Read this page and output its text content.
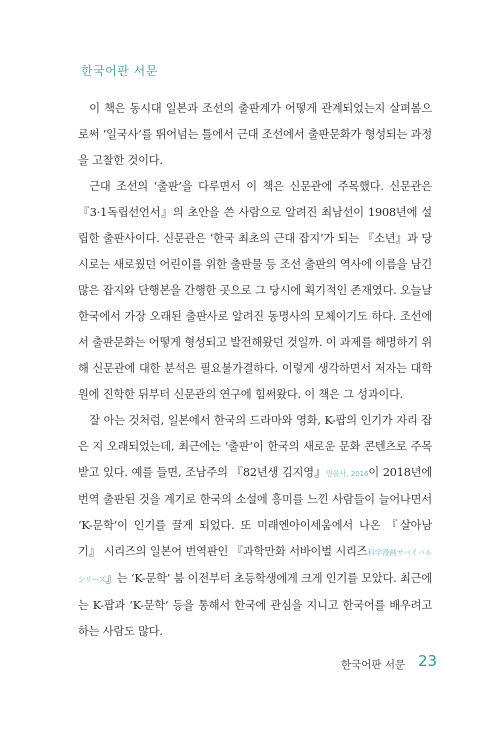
한국어판 서문

이 책은 동시대 일본과 조선의 출판계가 어떻게 관계되었는지 살펴봄으로써 ‘일국사’를 뛰어넘는 틀에서 근대 조선에서 출판문화가 형성되는 과정을 고찰한 것이다.

근대 조선의 ‘출판’을 다루면서 이 책은 신문관에 주목했다. 신문관은 『3·1독립선언서』의 초안을 쓴 사람으로 알려진 최남선이 1908년에 설립한 출판사이다. 신문관은 ‘한국 최초의 근대 잡지’가 되는 『소년』과 당시로는 새로웠던 어린이를 위한 출판물 등 조선 출판의 역사에 이름을 남긴 많은 잡지와 단행본을 간행한 곳으로 그 당시에 획기적인 존재였다. 오늘날 한국에서 가장 오래된 출판사로 알려진 동명사의 모체이기도 하다. 조선에서 출판문화는 어떻게 형성되고 발전해왔던 것일까. 이 과제를 해명하기 위해 신문관에 대한 분석은 필요불가결하다. 이렇게 생각하면서 저자는 대학원에 진학한 뒤부터 신문관의 연구에 힘써왔다. 이 책은 그 성과이다.

잘 아는 것처럼, 일본에서 한국의 드라마와 영화, K-팝의 인기가 자리 잡은 지 오래되었는데, 최근에는 ‘출판’이 한국의 새로운 문화 콘텐츠로 주목받고 있다. 예를 들면, 조남주의 『82년생 김지영』민음사, 2016이 2018년에 번역 출판된 것을 계기로 한국의 소설에 흥미를 느낀 사람들이 늘어나면서 ‘K-문학’이 인기를 끌게 되었다. 또 미래엔아이세움에서 나온 『살아남기』 시리즈의 일본어 번역판인 『과학만화 서바이벌 시리즈科学漫画サバイバルシリーズ』는 ‘K-문학’ 붐 이전부터 초등학생에게 크게 인기를 모았다. 최근에는 K-팝과 ‘K-문학’ 등을 통해서 한국에 관심을 지니고 한국어를 배우려고 하는 사람도 많다.

한국어판 서문 23
